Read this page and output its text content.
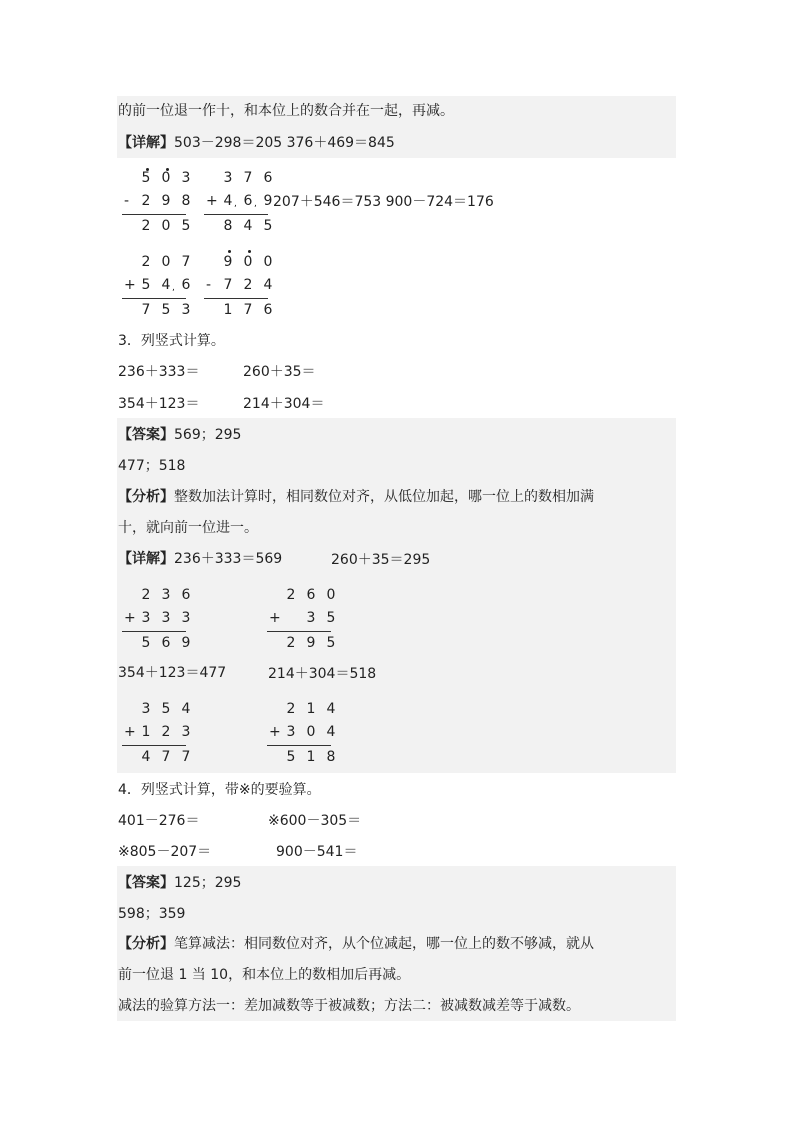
的前一位退一作十，和本位上的数合并在一起，再减。
【详解】503－298＝205 376＋469＝845
5 0 3
- 2 9 8
2 0 5
3 7 6
+ 4 , 6 , 9
8 4 5
207＋546＝753 900－724＝176
2 0 7
+ 5 4 , 6
7 5 3
9 0 0
- 7 2 4
1 7 6
3．列竖式计算。
236＋333＝	260＋35＝
354＋123＝	214＋304＝
【答案】569；295
477；518
【分析】整数加法计算时，相同数位对齐，从低位加起，哪一位上的数相加满
十，就向前一位进一。
【详解】236＋333＝569	260＋35＝295
2 3 6
+ 3 3 3
5 6 9
2 6 0
+ 3 5
2 9 5
354＋123＝477	214＋304＝518
3 5 4
+ 1 2 3
4 7 7
2 1 4
+ 3 0 4
5 1 8
4．列竖式计算，带※的要验算。
401－276＝	※600－305＝
※805－207＝	900－541＝
【答案】125；295
598；359
【分析】笔算减法：相同数位对齐，从个位减起，哪一位上的数不够减，就从
前一位退 1 当 10，和本位上的数相加后再减。
减法的验算方法一：差加减数等于被减数；方法二：被减数减差等于减数。
